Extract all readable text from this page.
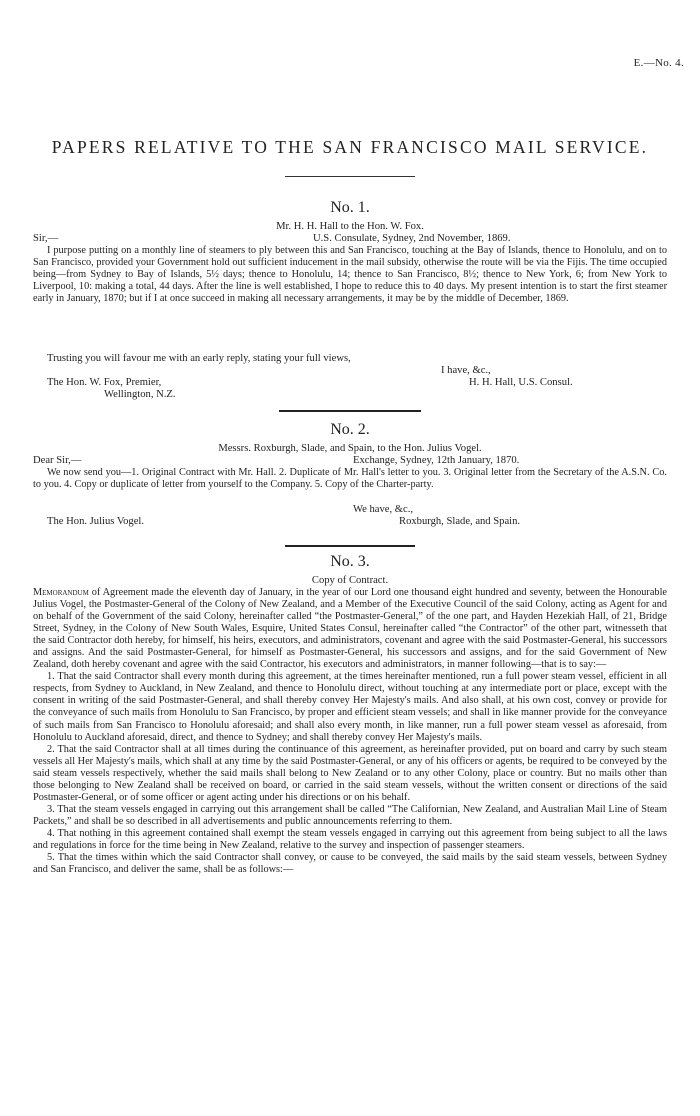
E.—No. 4.
PAPERS RELATIVE TO THE SAN FRANCISCO MAIL SERVICE.
No. 1.
Mr. H. H. Hall to the Hon. W. Fox.
Sir,—	U.S. Consulate, Sydney, 2nd November, 1869.

I purpose putting on a monthly line of steamers to ply between this and San Francisco, touching at the Bay of Islands, thence to Honolulu, and on to San Francisco, provided your Government hold out sufficient inducement in the mail subsidy, otherwise the route will be via the Fijis. The time occupied being—from Sydney to Bay of Islands, 5½ days; thence to Honolulu, 14; thence to San Francisco, 8½; thence to New York, 6; from New York to Liverpool, 10: making a total, 44 days. After the line is well established, I hope to reduce this to 40 days. My present intention is to start the first steamer early in January, 1870; but if I at once succeed in making all necessary arrangements, it may be by the middle of December, 1869.

Trusting you will favour me with an early reply, stating your full views,
I have, &c.,
The Hon. W. Fox, Premier,	H. H. Hall, U.S. Consul.
Wellington, N.Z.
No. 2.
Messrs. Roxburgh, Slade, and Spain, to the Hon. Julius Vogel.
Dear Sir,—	Exchange, Sydney, 12th January, 1870.

We now send you—1. Original Contract with Mr. Hall. 2. Duplicate of Mr. Hall's letter to you. 3. Original letter from the Secretary of the A.S.N. Co. to you. 4. Copy or duplicate of letter from yourself to the Company. 5. Copy of the Charter-party.

We have, &c.,
The Hon. Julius Vogel.	Roxburgh, Slade, and Spain.
No. 3.
Copy of Contract.

Memorandum of Agreement made the eleventh day of January, in the year of our Lord one thousand eight hundred and seventy, between the Honourable Julius Vogel, the Postmaster-General of the Colony of New Zealand, and a Member of the Executive Council of the said Colony, acting as Agent for and on behalf of the Government of the said Colony, hereinafter called “the Postmaster-General,” of the one part, and Hayden Hezekiah Hall, of 21, Bridge Street, Sydney, in the Colony of New South Wales, Esquire, United States Consul, hereinafter called “the Contractor” of the other part, witnesseth that the said Contractor doth hereby, for himself, his heirs, executors, and administrators, covenant and agree with the said Postmaster-General, his successors and assigns. And the said Postmaster-General, for himself as Postmaster-General, his successors and assigns, and for the said Government of New Zealand, doth hereby covenant and agree with the said Contractor, his executors and administrators, in manner following—that is to say:—

1. That the said Contractor shall every month during this agreement, at the times hereinafter mentioned, run a full power steam vessel, efficient in all respects, from Sydney to Auckland, in New Zealand, and thence to Honolulu direct, without touching at any intermediate port or place, except with the consent in writing of the said Postmaster-General, and shall thereby convey Her Majesty's mails. And also shall, at his own cost, convey or provide for the conveyance of such mails from Honolulu to San Francisco, by proper and efficient steam vessels; and shall in like manner provide for the conveyance of such mails from San Francisco to Honolulu aforesaid; and shall also every month, in like manner, run a full power steam vessel as aforesaid, from Honolulu to Auckland aforesaid, direct, and thence to Sydney; and shall thereby convey Her Majesty's mails.

2. That the said Contractor shall at all times during the continuance of this agreement, as hereinafter provided, put on board and carry by such steam vessels all Her Majesty's mails, which shall at any time by the said Postmaster-General, or any of his officers or agents, be required to be conveyed by the said steam vessels respectively, whether the said mails shall belong to New Zealand or to any other Colony, place or country. But no mails other than those belonging to New Zealand shall be received on board, or carried in the said steam vessels, without the written consent or directions of the said Postmaster-General, or of some officer or agent acting under his directions or on his behalf.

3. That the steam vessels engaged in carrying out this arrangement shall be called “The Californian, New Zealand, and Australian Mail Line of Steam Packets,” and shall be so described in all advertisements and public announcements referring to them.

4. That nothing in this agreement contained shall exempt the steam vessels engaged in carrying out this agreement from being subject to all the laws and regulations in force for the time being in New Zealand, relative to the survey and inspection of passenger steamers.

5. That the times within which the said Contractor shall convey, or cause to be conveyed, the said mails by the said steam vessels, between Sydney and San Francisco, and deliver the same, shall be as follows:—
